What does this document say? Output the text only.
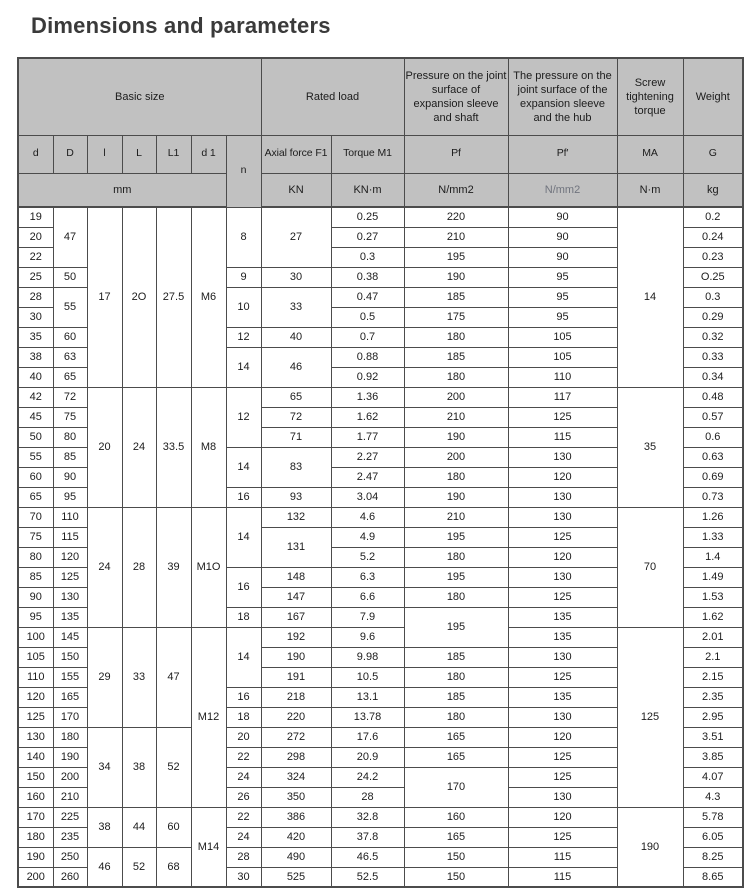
Dimensions and parameters
Basic size							Rated load		Pressure on the joint surface of expansion sleeve and shaft	The pressure on the joint surface of the expansion sleeve and the hub	Screw tightening torque	Weight
d	D	l	L	L1	d 1	n	Axial force F1	Torque M1	Pf	Pf′	MA	G
mm							KN	KN·m	N/mm2	N/mm2	N·m	kg
19	47	17	2O	27.5	M6	8	27	0.25	220	90	14	0.2
20								0.27	210	90		0.24
22								0.3	195	90		0.23
25	50					9	30	0.38	190	95		O.25
28	55					10	33	0.47	185	95		0.3
30								0.5	175	95		0.29
35	60					12	40	0.7	180	105		0.32
38	63					14	46	0.88	185	105		0.33
40	65							0.92	180	110		0.34
42	72	20	24	33.5	M8	12	65	1.36	200	117	35	0.48
45	75						72	1.62	210	125		0.57
50	80						71	1.77	190	115		0.6
55	85					14	83	2.27	200	130		0.63
60	90							2.47	180	120		0.69
65	95					16	93	3.04	190	130		0.73
70	110	24	28	39	M1O	14	132	4.6	210	130	70	1.26
75	115						131	4.9	195	125		1.33
80	120							5.2	180	120		1.4
85	125					16	148	6.3	195	130		1.49
90	130						147	6.6	180	125		1.53
95	135					18	167	7.9	195	135		1.62
100	145	29	33	47	M12	14	192	9.6		135	125	2.01
105	150						190	9.98	185	130		2.1
110	155						191	10.5	180	125		2.15
120	165					16	218	13.1	185	135		2.35
125	170					18	220	13.78	180	130		2.95
130	180	34	38	52		20	272	17.6	165	120		3.51
140	190					22	298	20.9	165	125		3.85
150	200					24	324	24.2	170	125		4.07
160	210					26	350	28		130		4.3
170	225	38	44	60	M14	22	386	32.8	160	120	190	5.78
180	235					24	420	37.8	165	125		6.05
190	250	46	52	68		28	490	46.5	150	115		8.25
200	260					30	525	52.5	150	115		8.65
